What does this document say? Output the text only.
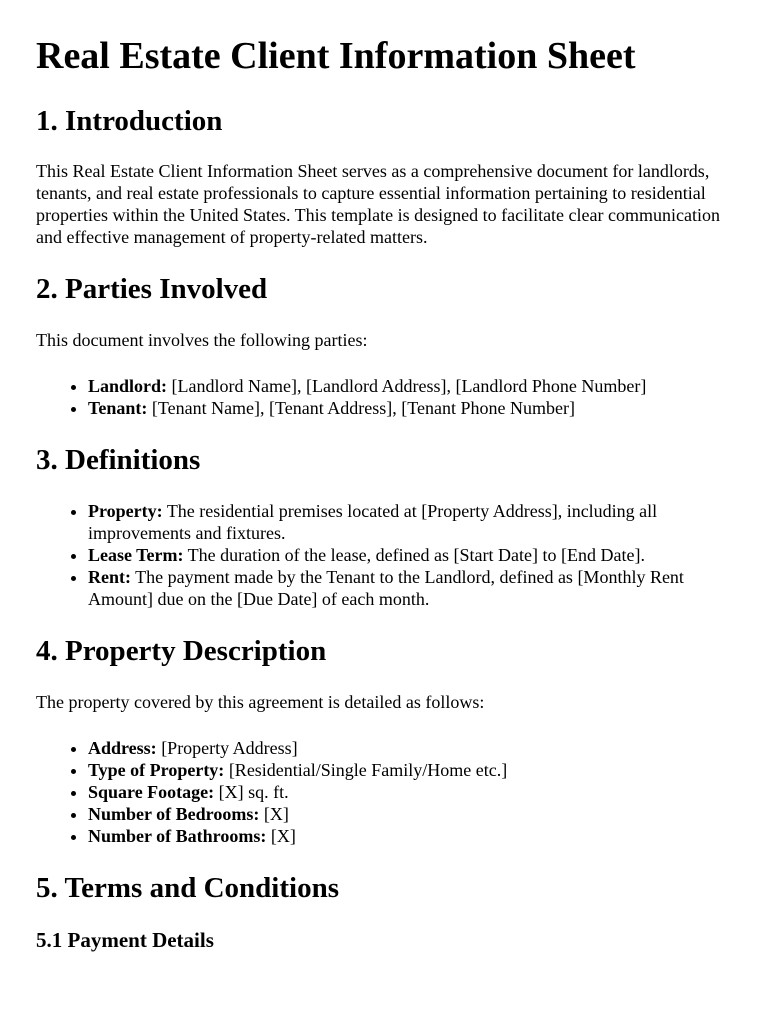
Real Estate Client Information Sheet
1. Introduction

This Real Estate Client Information Sheet serves as a comprehensive document for landlords, tenants, and real estate professionals to capture essential information pertaining to residential properties within the United States. This template is designed to facilitate clear communication and effective management of property-related matters.

2. Parties Involved

This document involves the following parties:

• Landlord: [Landlord Name], [Landlord Address], [Landlord Phone Number]
• Tenant: [Tenant Name], [Tenant Address], [Tenant Phone Number]
3. Definitions
• Property: The residential premises located at [Property Address], including all improvements and fixtures.
• Lease Term: The duration of the lease, defined as [Start Date] to [End Date].
• Rent: The payment made by the Tenant to the Landlord, defined as [Monthly Rent Amount] due on the [Due Date] of each month.
4. Property Description

The property covered by this agreement is detailed as follows:

• Address: [Property Address]
• Type of Property: [Residential/Single Family/Home etc.]
• Square Footage: [X] sq. ft.
• Number of Bedrooms: [X]
• Number of Bathrooms: [X]
5. Terms and Conditions
5.1 Payment Details
